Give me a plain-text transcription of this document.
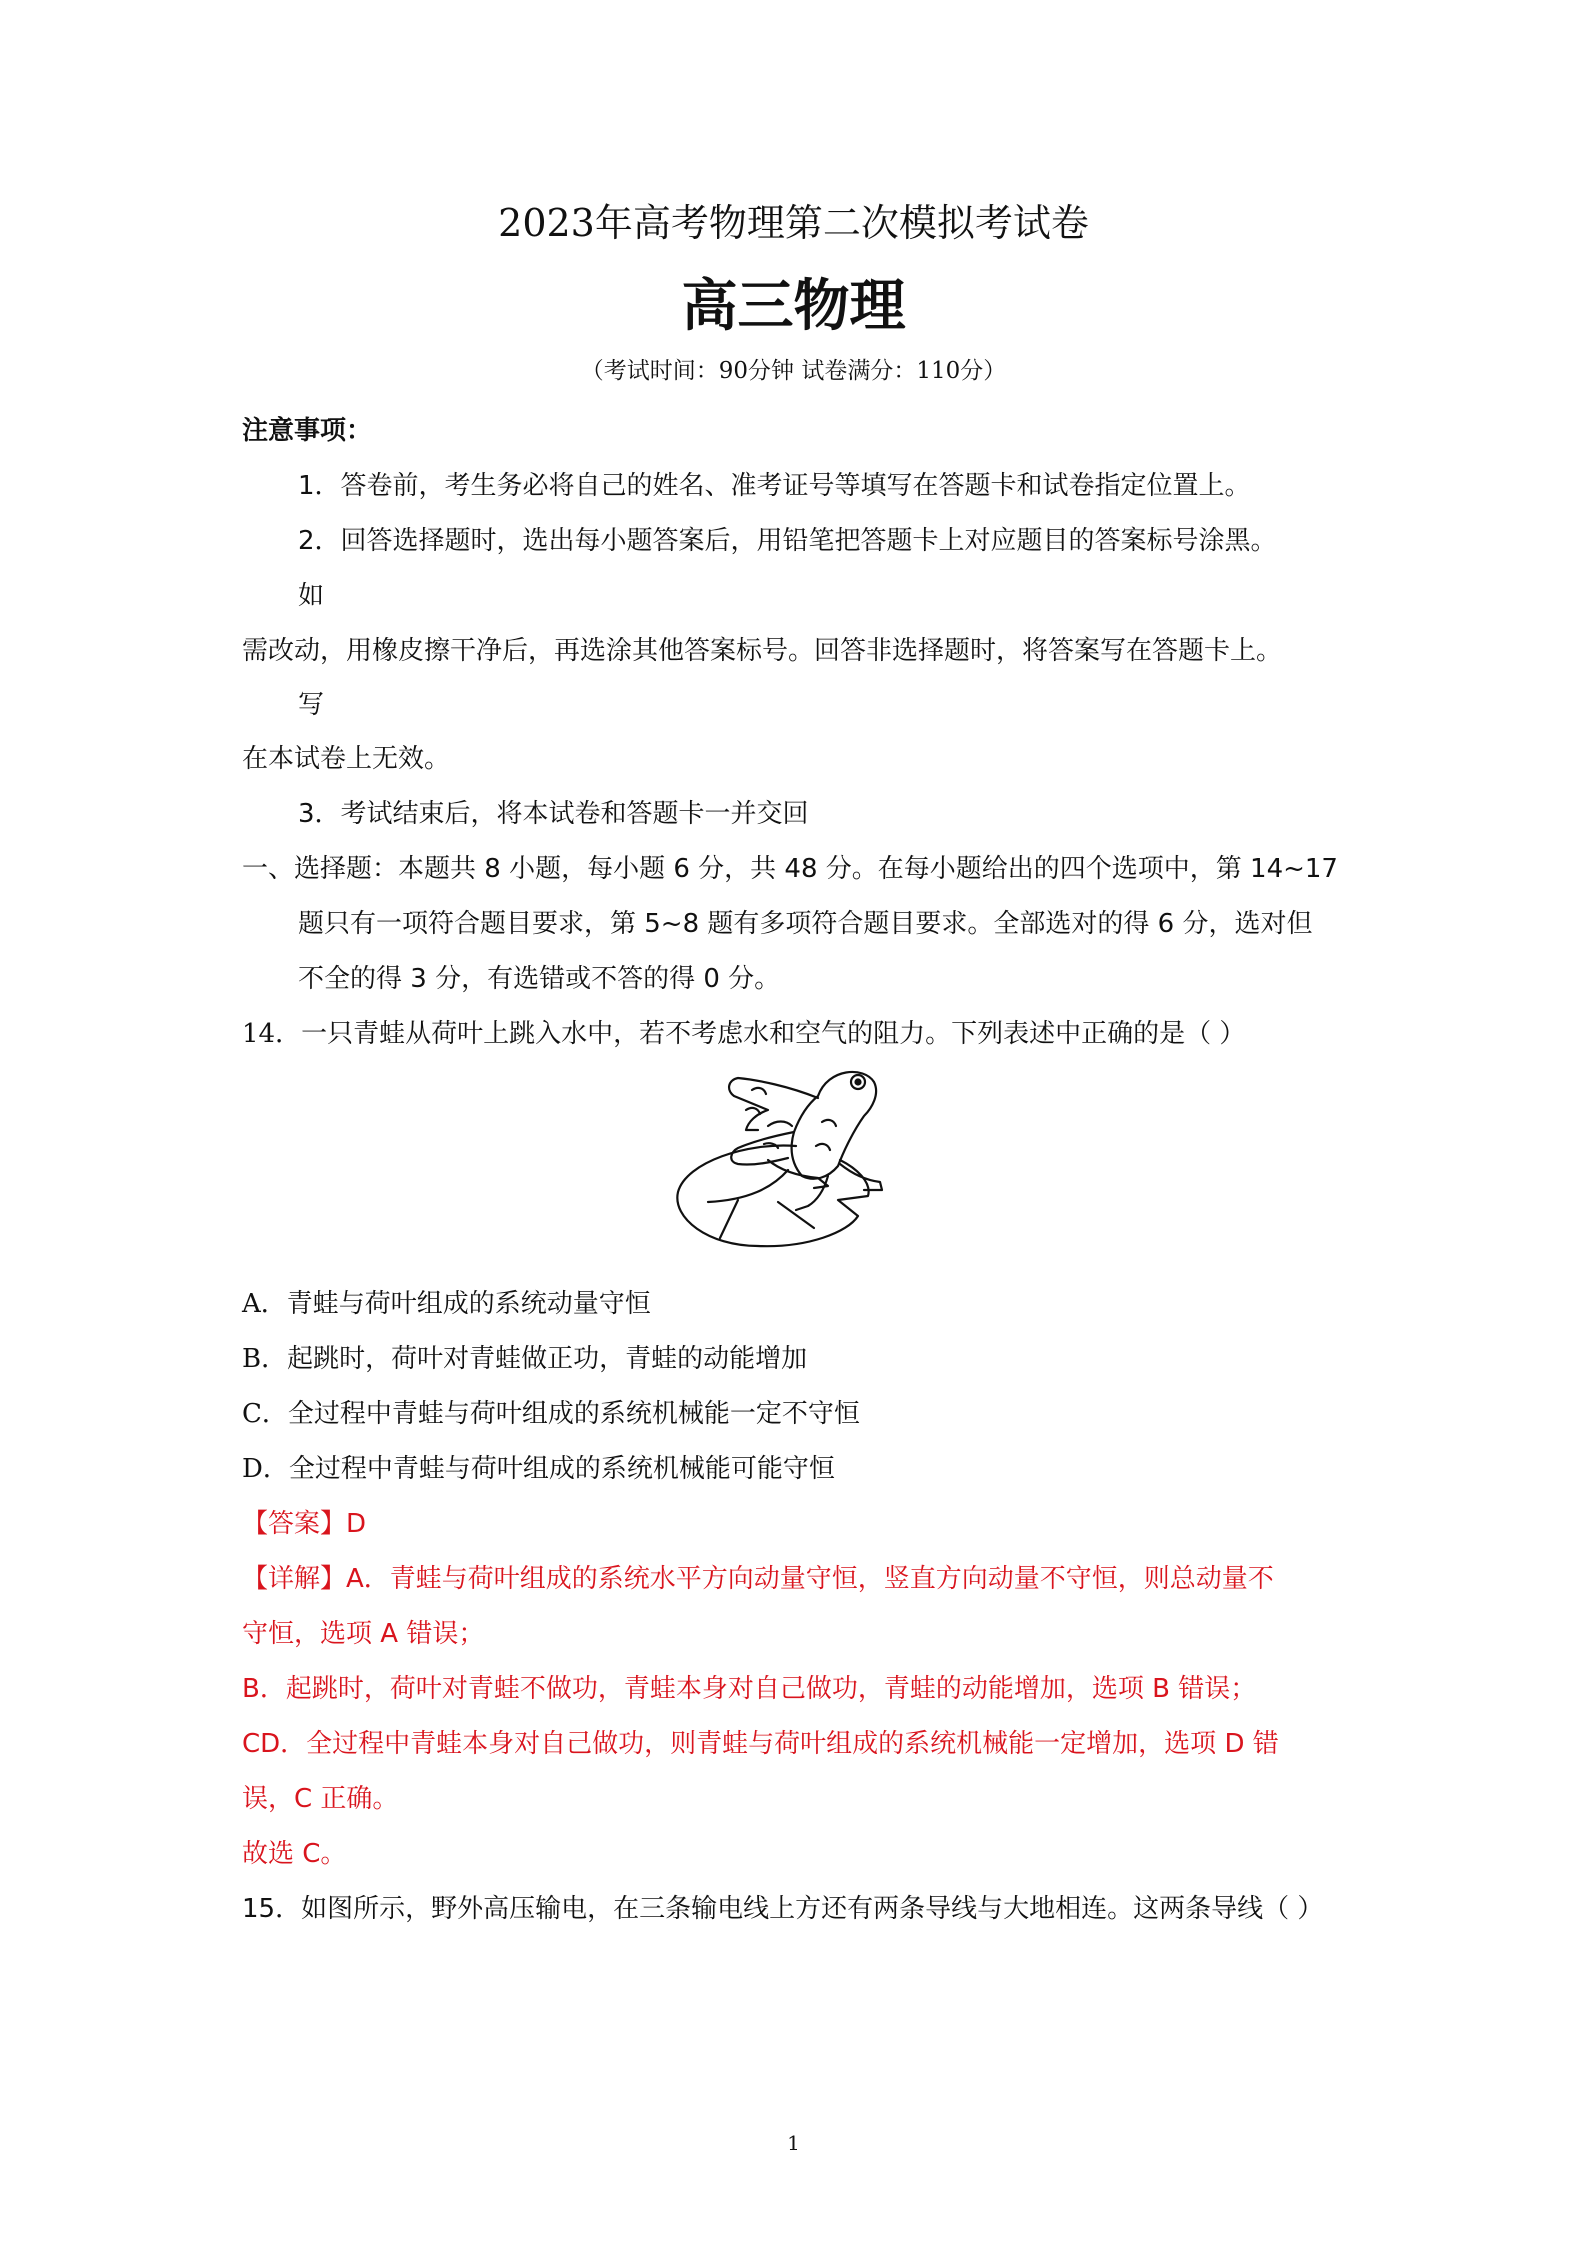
2023年高考物理第二次模拟考试卷
高三物理
（考试时间：90分钟 试卷满分：110分）
注意事项：
1．答卷前，考生务必将自己的姓名、准考证号等填写在答题卡和试卷指定位置上。
2．回答选择题时，选出每小题答案后，用铅笔把答题卡上对应题目的答案标号涂黑。
如
需改动，用橡皮擦干净后，再选涂其他答案标号。回答非选择题时，将答案写在答题卡上。
写
在本试卷上无效。
3．考试结束后，将本试卷和答题卡一并交回
一、选择题：本题共 8 小题，每小题 6 分，共 48 分。在每小题给出的四个选项中，第 14~17
题只有一项符合题目要求，第 5~8 题有多项符合题目要求。全部选对的得 6 分，选对但
不全的得 3 分，有选错或不答的得 0 分。
14．一只青蛙从荷叶上跳入水中，若不考虑水和空气的阻力。下列表述中正确的是（ ）
A．青蛙与荷叶组成的系统动量守恒
B．起跳时，荷叶对青蛙做正功，青蛙的动能增加
C．全过程中青蛙与荷叶组成的系统机械能一定不守恒
D．全过程中青蛙与荷叶组成的系统机械能可能守恒
【答案】D
【详解】A．青蛙与荷叶组成的系统水平方向动量守恒，竖直方向动量不守恒，则总动量不
守恒，选项 A 错误；
B．起跳时，荷叶对青蛙不做功，青蛙本身对自己做功，青蛙的动能增加，选项 B 错误；
CD．全过程中青蛙本身对自己做功，则青蛙与荷叶组成的系统机械能一定增加，选项 D 错
误，C 正确。
故选 C。
15．如图所示，野外高压输电，在三条输电线上方还有两条导线与大地相连。这两条导线（ ）
1
